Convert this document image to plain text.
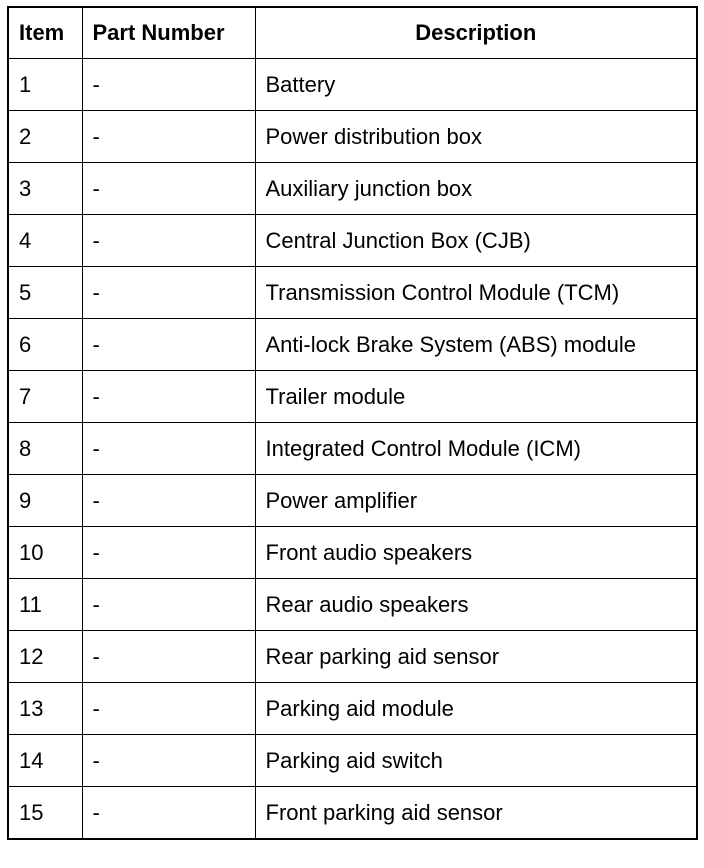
Item	Part Number	Description
1	-	Battery
2	-	Power distribution box
3	-	Auxiliary junction box
4	-	Central Junction Box (CJB)
5	-	Transmission Control Module (TCM)
6	-	Anti-lock Brake System (ABS) module
7	-	Trailer module
8	-	Integrated Control Module (ICM)
9	-	Power amplifier
10	-	Front audio speakers
11	-	Rear audio speakers
12	-	Rear parking aid sensor
13	-	Parking aid module
14	-	Parking aid switch
15	-	Front parking aid sensor
